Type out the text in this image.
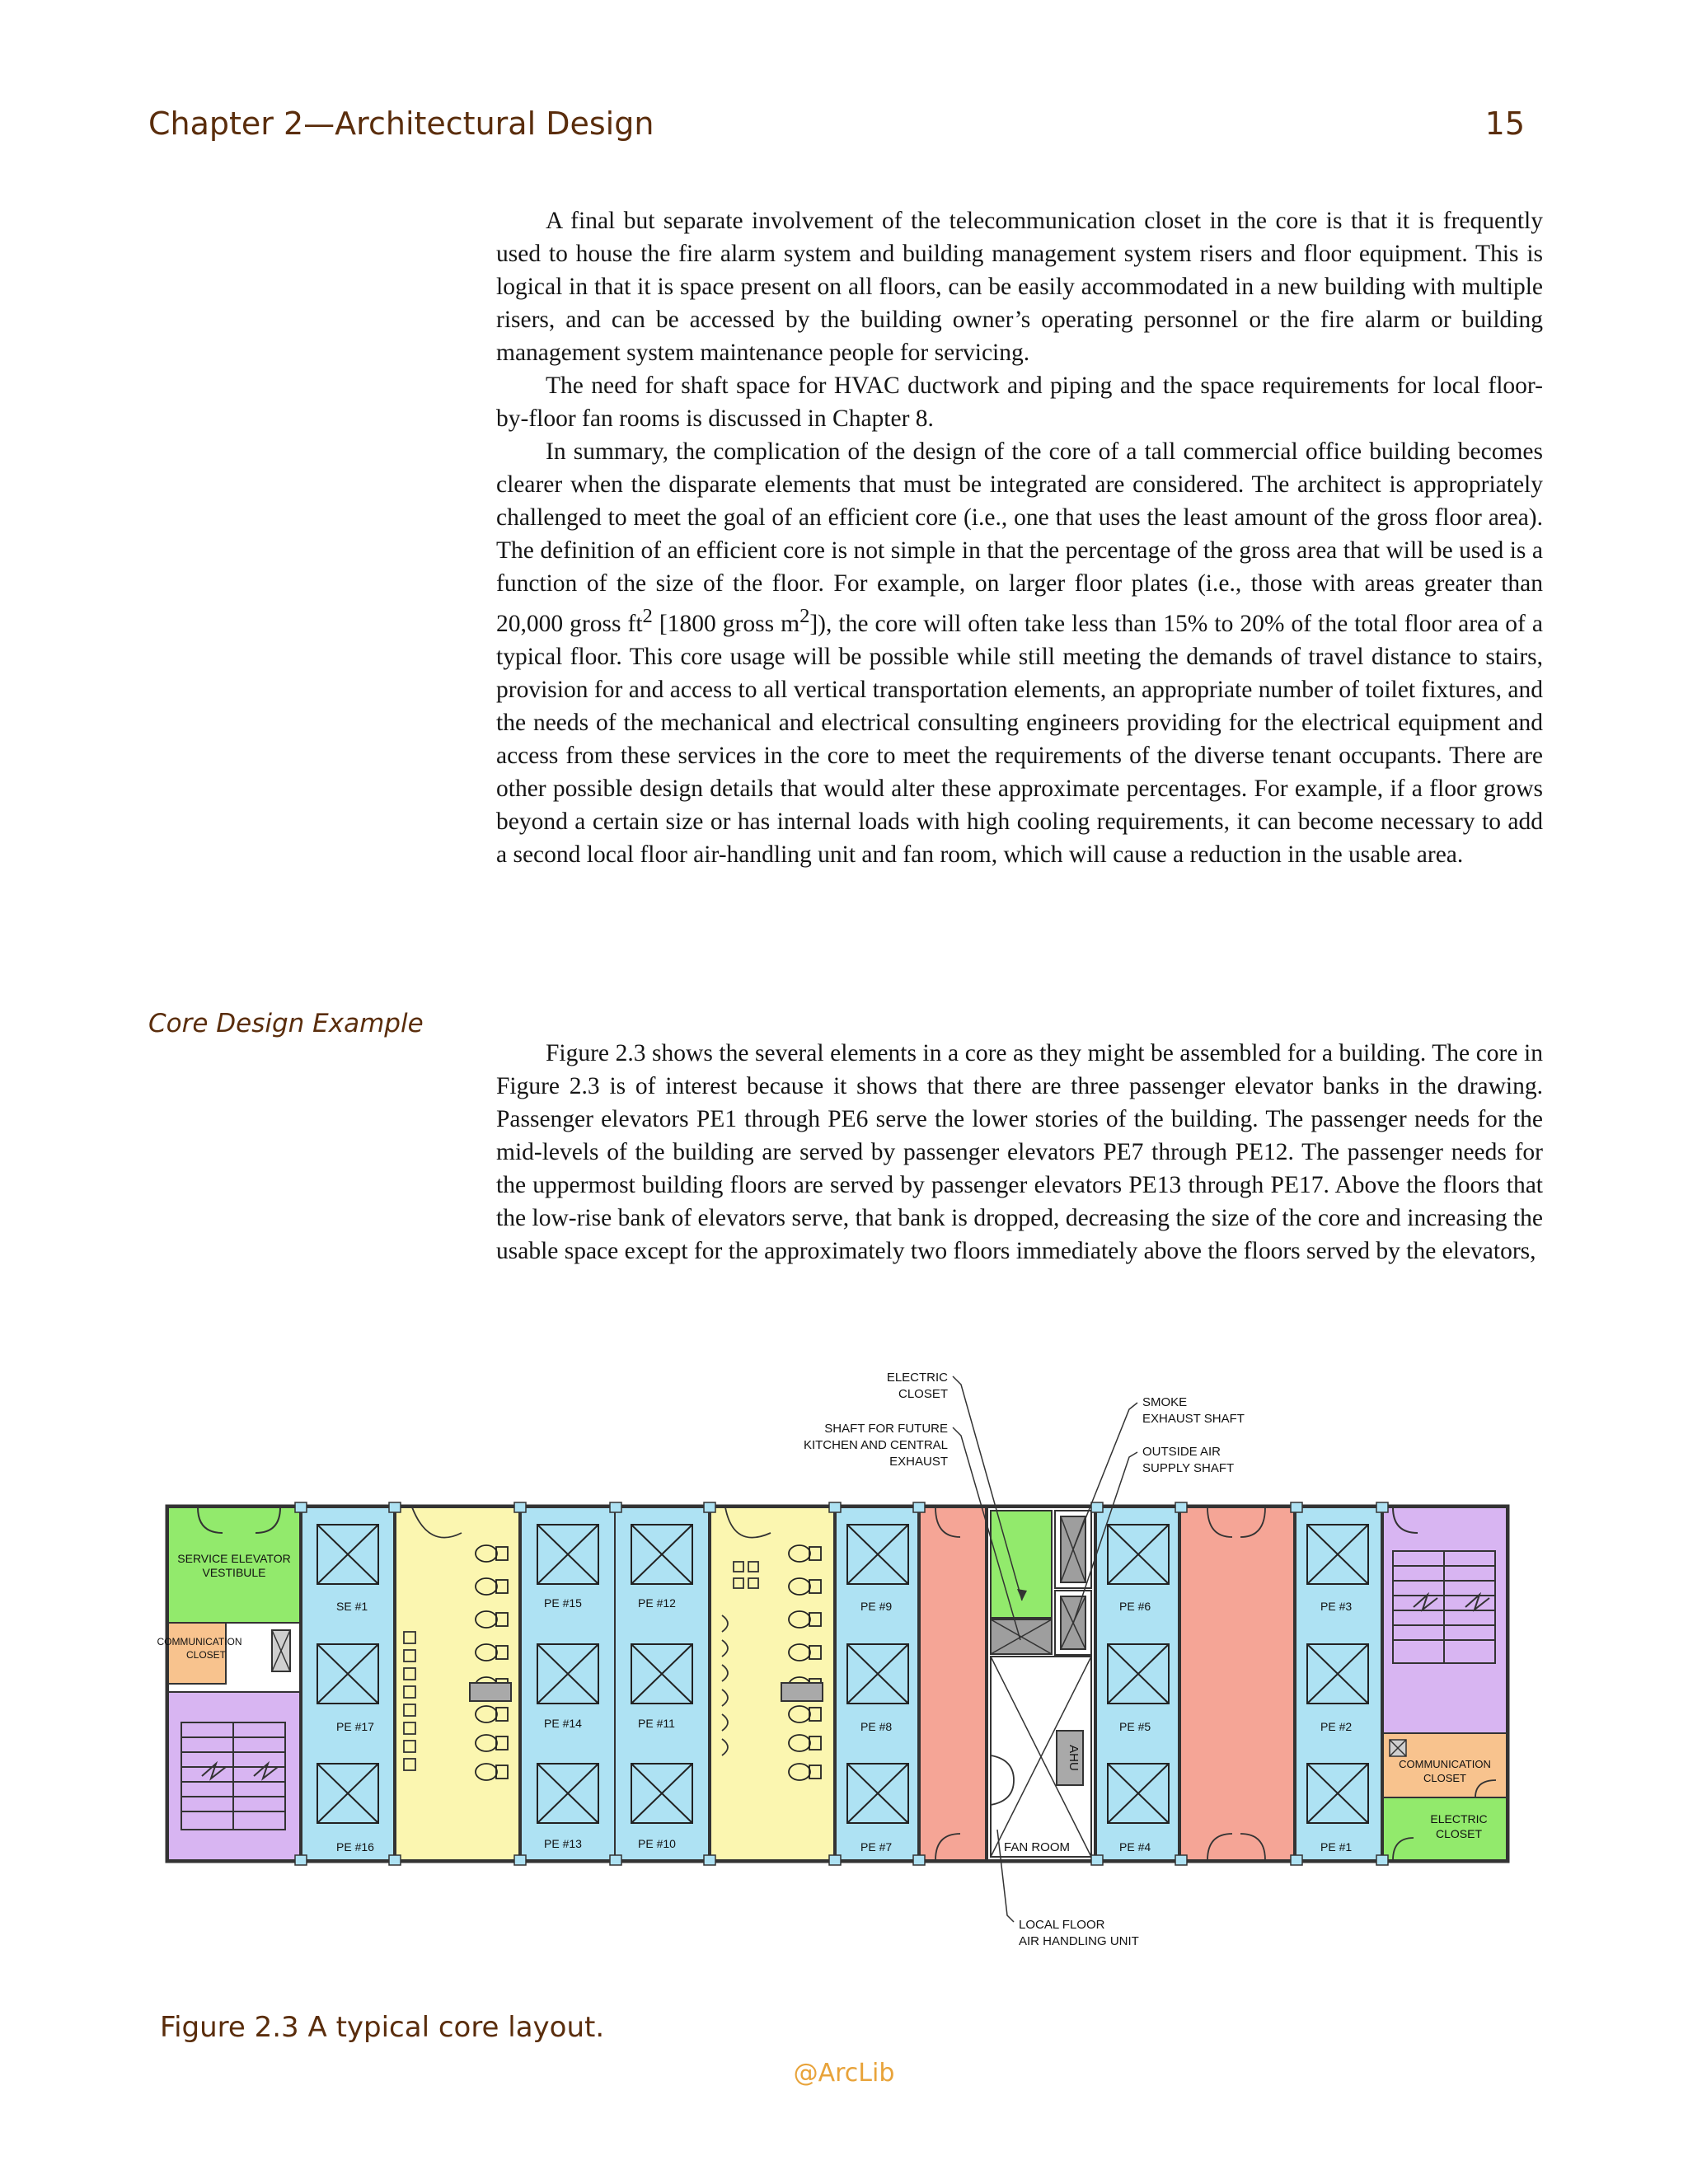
Chapter 2—Architectural Design	15

A final but separate involvement of the telecommunication closet in the core is that it is frequently used to house the fire alarm system and building management system risers and floor equipment. This is logical in that it is space present on all floors, can be easily accommodated in a new building with multiple risers, and can be accessed by the building owner’s operating personnel or the fire alarm or building management system maintenance people for servicing.

The need for shaft space for HVAC ductwork and piping and the space requirements for local floor-by-floor fan rooms is discussed in Chapter 8.

In summary, the complication of the design of the core of a tall commercial office building becomes clearer when the disparate elements that must be integrated are considered. The architect is appropriately challenged to meet the goal of an efficient core (i.e., one that uses the least amount of the gross floor area). The definition of an efficient core is not simple in that the percentage of the gross area that will be used is a function of the size of the floor. For example, on larger floor plates (i.e., those with areas greater than 20,000 gross $ft^2$ [1800 gross $m^2$]), the core will often take less than 15% to 20% of the total floor area of a typical floor. This core usage will be possible while still meeting the demands of travel distance to stairs, provision for and access to all vertical transportation elements, an appropriate number of toilet fixtures, and the needs of the mechanical and electrical consulting engineers providing for the electrical equipment and access from these services in the core to meet the requirements of the diverse tenant occupants. There are other possible design details that would alter these approximate percentages. For example, if a floor grows beyond a certain size or has internal loads with high cooling requirements, it can become necessary to add a second local floor air-handling unit and fan room, which will cause a reduction in the usable area.

Core Design Example

Figure 2.3 shows the several elements in a core as they might be assembled for a building. The core in Figure 2.3 is of interest because it shows that there are three passenger elevator banks in the drawing. Passenger elevators PE1 through PE6 serve the lower stories of the building. The passenger needs for the mid-levels of the building are served by passenger elevators PE7 through PE12. The passenger needs for the uppermost building floors are served by passenger elevators PE13 through PE17. Above the floors that the low-rise bank of elevators serve, that bank is dropped, decreasing the size of the core and increasing the usable space except for the approximately two floors immediately above the floors served by the elevators,

SERVICE ELEVATOR
VESTIBULE
COMMUNICATION
CLOSET
SE #1
PE #17
PE #16
PE #15
PE #14
PE #13
PE #12
PE #11
PE #10
PE #9
PE #8
PE #7
AHU
FAN ROOM
PE #6
PE #5
PE #4
PE #3
PE #2
PE #1
COMMUNICATION
CLOSET
ELECTRIC
CLOSET
ELECTRIC
CLOSET
SHAFT FOR FUTURE
KITCHEN AND CENTRAL
EXHAUST
SMOKE
EXHAUST SHAFT
OUTSIDE AIR
SUPPLY SHAFT
LOCAL FLOOR
AIR HANDLING UNIT
Figure 2.3 A typical core layout.
@ArcLib
